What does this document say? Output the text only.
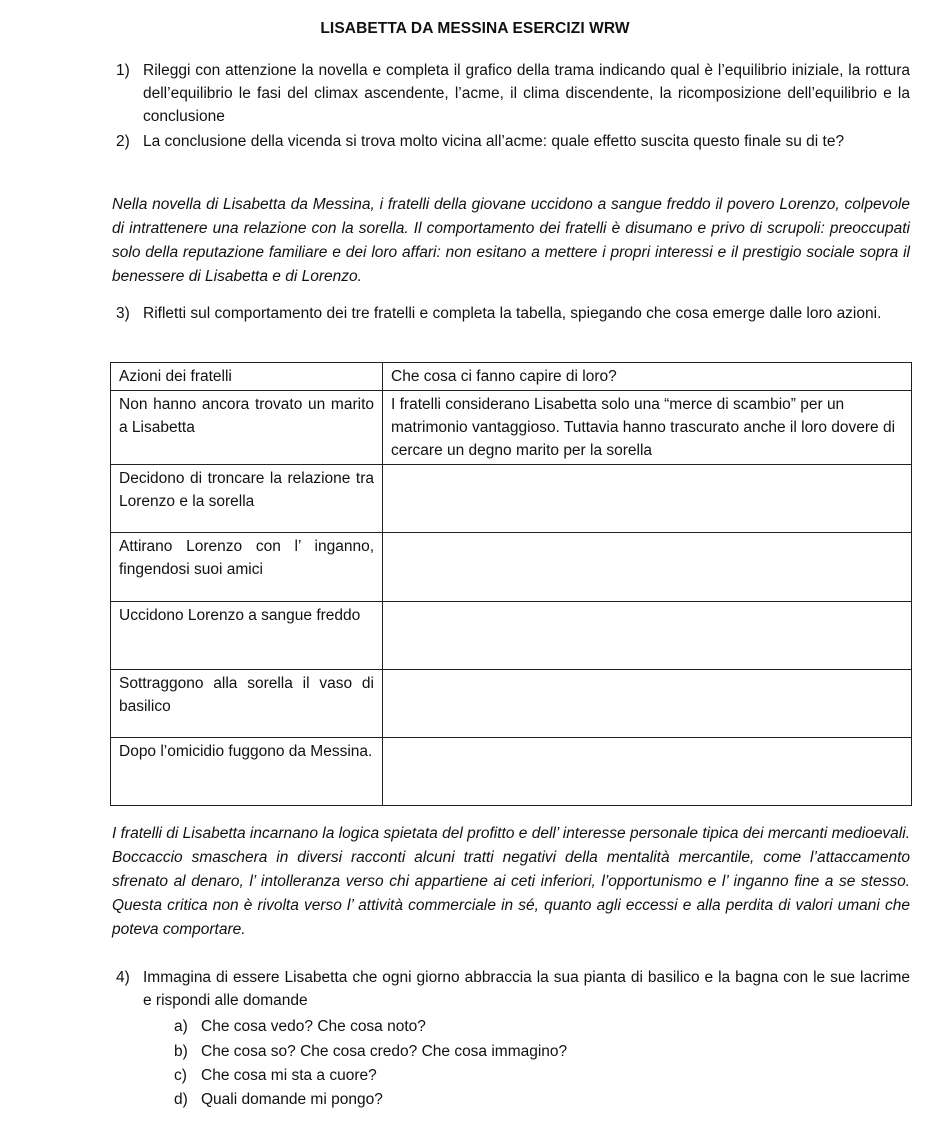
LISABETTA DA MESSINA ESERCIZI WRW
1) Rileggi con attenzione la novella e completa il grafico della trama indicando qual è l’equilibrio iniziale, la rottura dell’equilibrio le fasi del climax ascendente, l’acme, il clima discendente, la ricomposizione dell’equilibrio e la conclusione
2) La conclusione della vicenda si trova molto vicina all’acme: quale effetto suscita questo finale su di te?
Nella novella di Lisabetta da Messina, i fratelli della giovane uccidono a sangue freddo il povero Lorenzo, colpevole di intrattenere una relazione con la sorella. Il comportamento dei fratelli è disumano e privo di scrupoli: preoccupati solo della reputazione familiare e dei loro affari: non esitano a mettere i propri interessi e il prestigio sociale sopra il benessere di Lisabetta e di Lorenzo.
3) Rifletti sul comportamento dei tre fratelli e completa la tabella, spiegando che cosa emerge dalle loro azioni.
Azioni dei fratelli	Che cosa ci fanno capire di loro?
Non hanno ancora trovato un marito a Lisabetta	I fratelli considerano Lisabetta solo una “merce di scambio” per un matrimonio vantaggioso. Tuttavia hanno trascurato anche il loro dovere di cercare un degno marito per la sorella
Decidono di troncare la relazione tra Lorenzo e la sorella	
Attirano Lorenzo con l’ inganno, fingendosi suoi amici	
Uccidono Lorenzo a sangue freddo	
Sottraggono alla sorella il vaso di basilico	
Dopo l’omicidio fuggono da Messina.	
I fratelli di Lisabetta incarnano la logica spietata del profitto e dell’ interesse personale tipica dei mercanti medioevali. Boccaccio smaschera in diversi racconti alcuni tratti negativi della mentalità mercantile, come l’attaccamento sfrenato al denaro, l’ intolleranza verso chi appartiene ai ceti inferiori, l’opportunismo e l’ inganno fine a se stesso. Questa critica non è rivolta verso l’ attività commerciale in sé, quanto agli eccessi e alla perdita di valori umani che poteva comportare.
4) Immagina di essere Lisabetta che ogni giorno abbraccia la sua pianta di basilico e la bagna con le sue lacrime e rispondi alle domande
a) Che cosa vedo? Che cosa noto?
b) Che cosa so? Che cosa credo? Che cosa immagino?
c) Che cosa mi sta a cuore?
d) Quali domande mi pongo?
